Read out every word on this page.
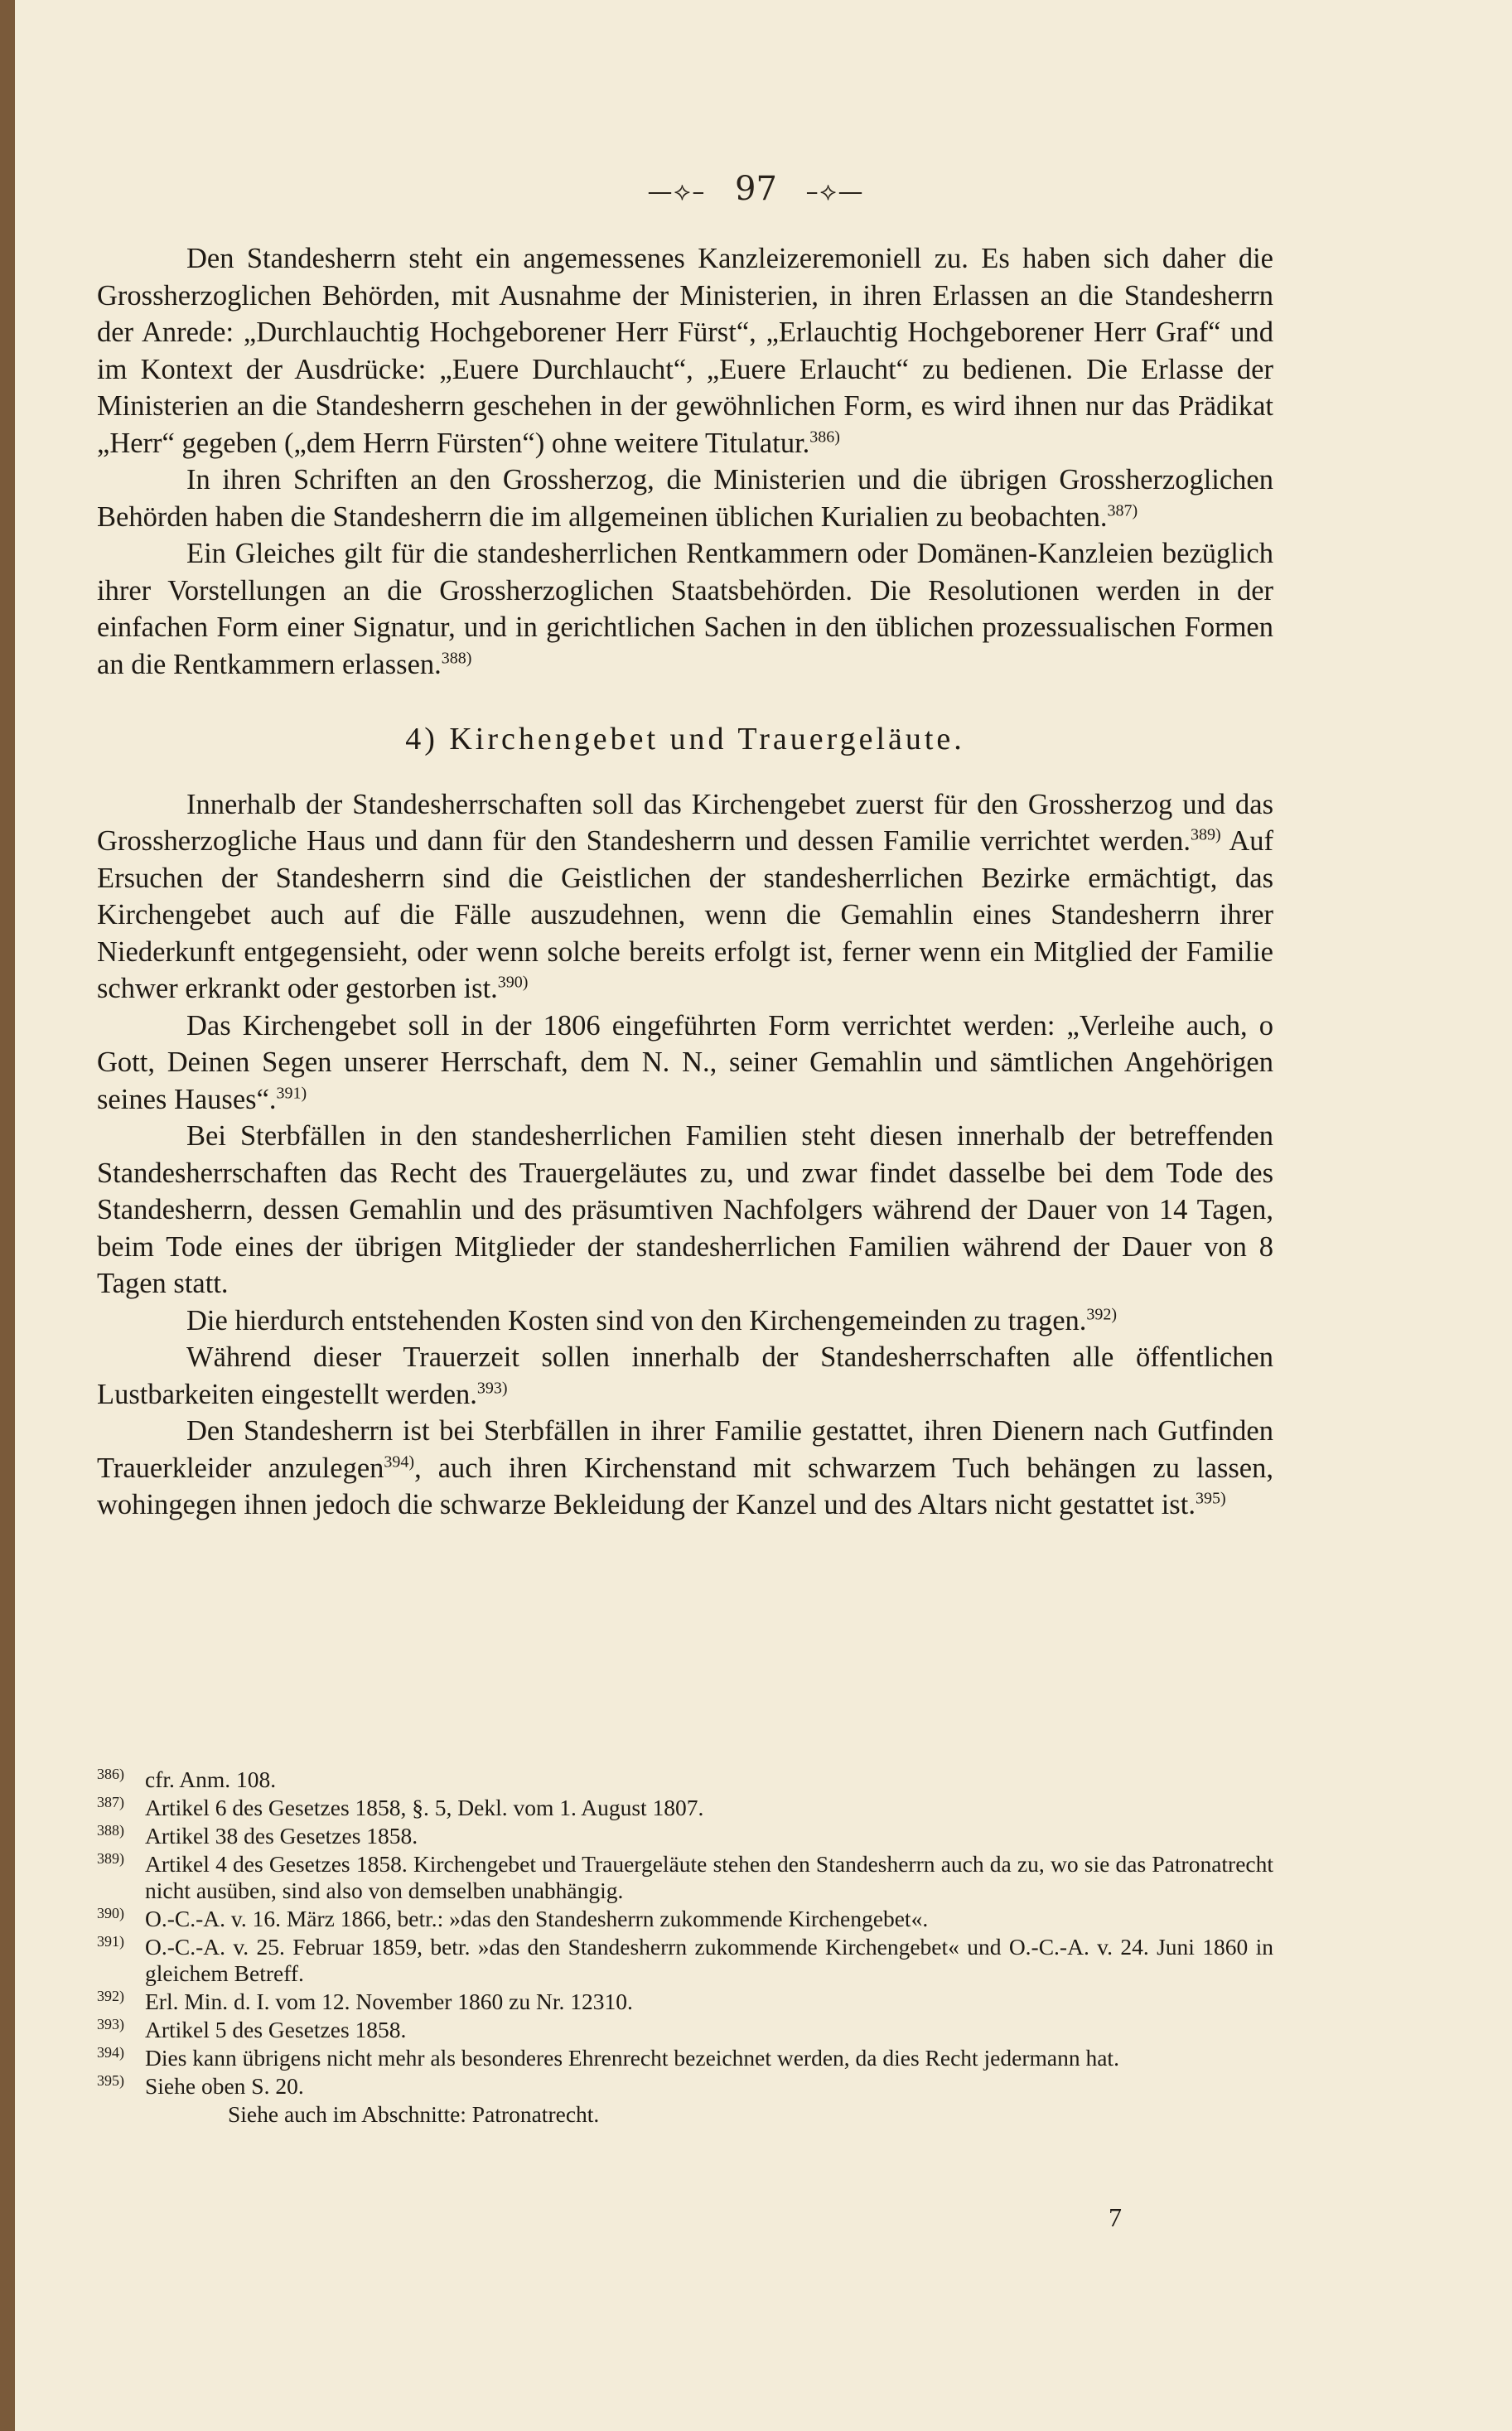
—⟡– 97 –⟡—

Den Standesherrn steht ein angemessenes Kanzleizeremoniell zu. Es haben sich daher die Grossherzoglichen Behörden, mit Ausnahme der Ministerien, in ihren Erlassen an die Standesherrn der Anrede: „Durchlauchtig Hochgeborener Herr Fürst“, „Erlauchtig Hochgeborener Herr Graf“ und im Kontext der Ausdrücke: „Euere Durchlaucht“, „Euere Erlaucht“ zu bedienen. Die Erlasse der Ministerien an die Standesherrn geschehen in der gewöhnlichen Form, es wird ihnen nur das Prädikat „Herr“ gegeben („dem Herrn Fürsten“) ohne weitere Titulatur.$^{386)}$

In ihren Schriften an den Grossherzog, die Ministerien und die übrigen Grossherzoglichen Behörden haben die Standesherrn die im allgemeinen üblichen Kurialien zu beobachten.$^{387)}$

Ein Gleiches gilt für die standesherrlichen Rentkammern oder Domänen-Kanzleien bezüglich ihrer Vorstellungen an die Grossherzoglichen Staatsbehörden. Die Resolutionen werden in der einfachen Form einer Signatur, und in gerichtlichen Sachen in den üblichen prozessualischen Formen an die Rentkammern erlassen.$^{388)}$

4) Kirchengebet und Trauergeläute.

Innerhalb der Standesherrschaften soll das Kirchengebet zuerst für den Grossherzog und das Grossherzogliche Haus und dann für den Standesherrn und dessen Familie verrichtet werden.$^{389)}$ Auf Ersuchen der Standesherrn sind die Geistlichen der standesherrlichen Bezirke ermächtigt, das Kirchengebet auch auf die Fälle auszudehnen, wenn die Gemahlin eines Standesherrn ihrer Niederkunft entgegensieht, oder wenn solche bereits erfolgt ist, ferner wenn ein Mitglied der Familie schwer erkrankt oder gestorben ist.$^{390)}$

Das Kirchengebet soll in der 1806 eingeführten Form verrichtet werden: „Verleihe auch, o Gott, Deinen Segen unserer Herrschaft, dem N. N., seiner Gemahlin und sämtlichen Angehörigen seines Hauses“.$^{391)}$

Bei Sterbfällen in den standesherrlichen Familien steht diesen innerhalb der betreffenden Standesherrschaften das Recht des Trauergeläutes zu, und zwar findet dasselbe bei dem Tode des Standesherrn, dessen Gemahlin und des präsumtiven Nachfolgers während der Dauer von 14 Tagen, beim Tode eines der übrigen Mitglieder der standesherrlichen Familien während der Dauer von 8 Tagen statt.

Die hierdurch entstehenden Kosten sind von den Kirchengemeinden zu tragen.$^{392)}$

Während dieser Trauerzeit sollen innerhalb der Standesherrschaften alle öffentlichen Lustbarkeiten eingestellt werden.$^{393)}$

Den Standesherrn ist bei Sterbfällen in ihrer Familie gestattet, ihren Dienern nach Gutfinden Trauerkleider anzulegen$^{394)}$, auch ihren Kirchenstand mit schwarzem Tuch behängen zu lassen, wohingegen ihnen jedoch die schwarze Bekleidung der Kanzel und des Altars nicht gestattet ist.$^{395)}$

$^{386)}$ cfr. Anm. 108.
$^{387)}$ Artikel 6 des Gesetzes 1858, §. 5, Dekl. vom 1. August 1807.
$^{388)}$ Artikel 38 des Gesetzes 1858.
$^{389)}$ Artikel 4 des Gesetzes 1858. Kirchengebet und Trauergeläute stehen den Standesherrn auch da zu, wo sie das Patronatrecht nicht ausüben, sind also von demselben unabhängig.
$^{390)}$ O.-C.-A. v. 16. März 1866, betr.: »das den Standesherrn zukommende Kirchengebet«.
$^{391)}$ O.-C.-A. v. 25. Februar 1859, betr. »das den Standesherrn zukommende Kirchengebet« und O.-C.-A. v. 24. Juni 1860 in gleichem Betreff.
$^{392)}$ Erl. Min. d. I. vom 12. November 1860 zu Nr. 12310.
$^{393)}$ Artikel 5 des Gesetzes 1858.
$^{394)}$ Dies kann übrigens nicht mehr als besonderes Ehrenrecht bezeichnet werden, da dies Recht jedermann hat.
$^{395)}$ Siehe oben S. 20.
Siehe auch im Abschnitte: Patronatrecht.
7
